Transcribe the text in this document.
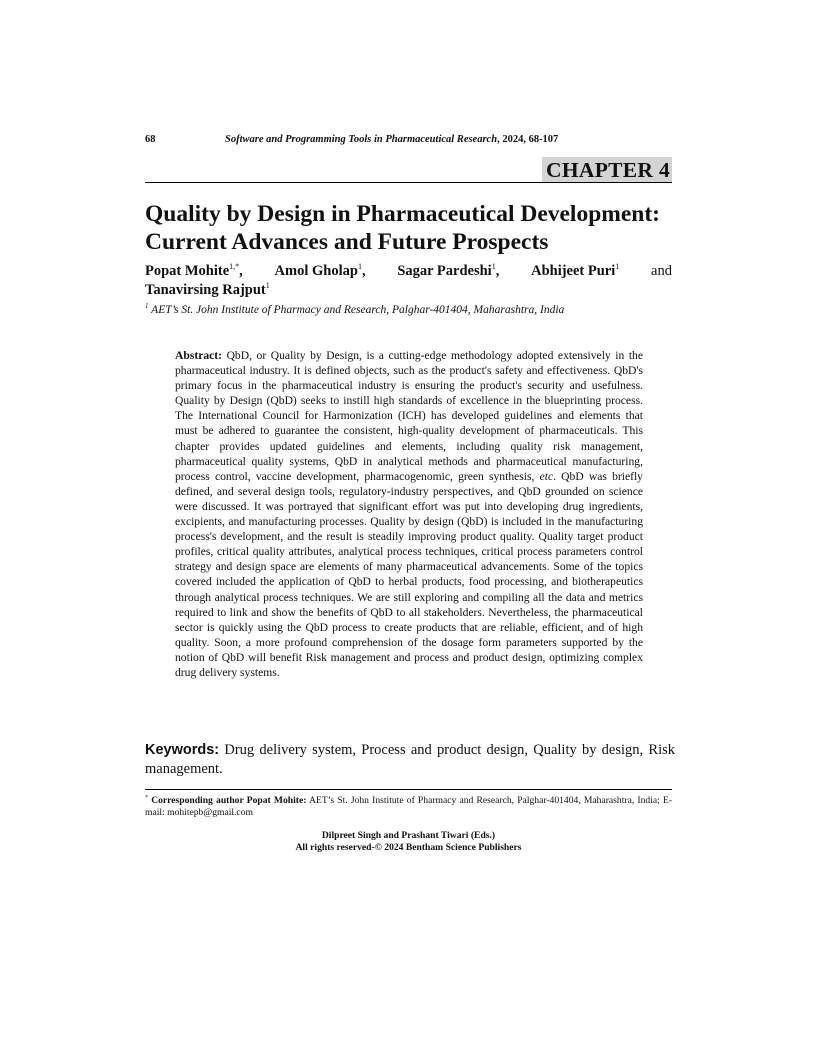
68	Software and Programming Tools in Pharmaceutical Research, 2024, 68-107
CHAPTER 4
Quality by Design in Pharmaceutical Development: Current Advances and Future Prospects
Popat Mohite$^{1,*}$, Amol Gholap$^1$, Sagar Pardeshi$^1$, Abhijeet Puri$^1$ and
Tanavirsing Rajput$^1$
$^1$ AET’s St. John Institute of Pharmacy and Research, Palghar-401404, Maharashtra, India
Abstract: QbD, or Quality by Design, is a cutting-edge methodology adopted extensively in the pharmaceutical industry. It is defined objects, such as the product's safety and effectiveness. QbD's primary focus in the pharmaceutical industry is ensuring the product's security and usefulness. Quality by Design (QbD) seeks to instill high standards of excellence in the blueprinting process. The International Council for Harmonization (ICH) has developed guidelines and elements that must be adhered to guarantee the consistent, high-quality development of pharmaceuticals. This chapter provides updated guidelines and elements, including quality risk management, pharmaceutical quality systems, QbD in analytical methods and pharmaceutical manufacturing, process control, vaccine development, pharmacogenomic, green synthesis, etc. QbD was briefly defined, and several design tools, regulatory-industry perspectives, and QbD grounded on science were discussed. It was portrayed that significant effort was put into developing drug ingredients, excipients, and manufacturing processes. Quality by design (QbD) is included in the manufacturing process's development, and the result is steadily improving product quality. Quality target product profiles, critical quality attributes, analytical process techniques, critical process parameters control strategy and design space are elements of many pharmaceutical advancements. Some of the topics covered included the application of QbD to herbal products, food processing, and biotherapeutics through analytical process techniques. We are still exploring and compiling all the data and metrics required to link and show the benefits of QbD to all stakeholders. Nevertheless, the pharmaceutical sector is quickly using the QbD process to create products that are reliable, efficient, and of high quality. Soon, a more profound comprehension of the dosage form parameters supported by the notion of QbD will benefit Risk management and process and product design, optimizing complex drug delivery systems.
Keywords: Drug delivery system, Process and product design, Quality by design, Risk management.
* Corresponding author Popat Mohite: AET’s St. John Institute of Pharmacy and Research, Palghar-401404, Maharashtra, India; E-mail: mohitepb@gmail.com
Dilpreet Singh and Prashant Tiwari (Eds.)
All rights reserved-© 2024 Bentham Science Publishers
